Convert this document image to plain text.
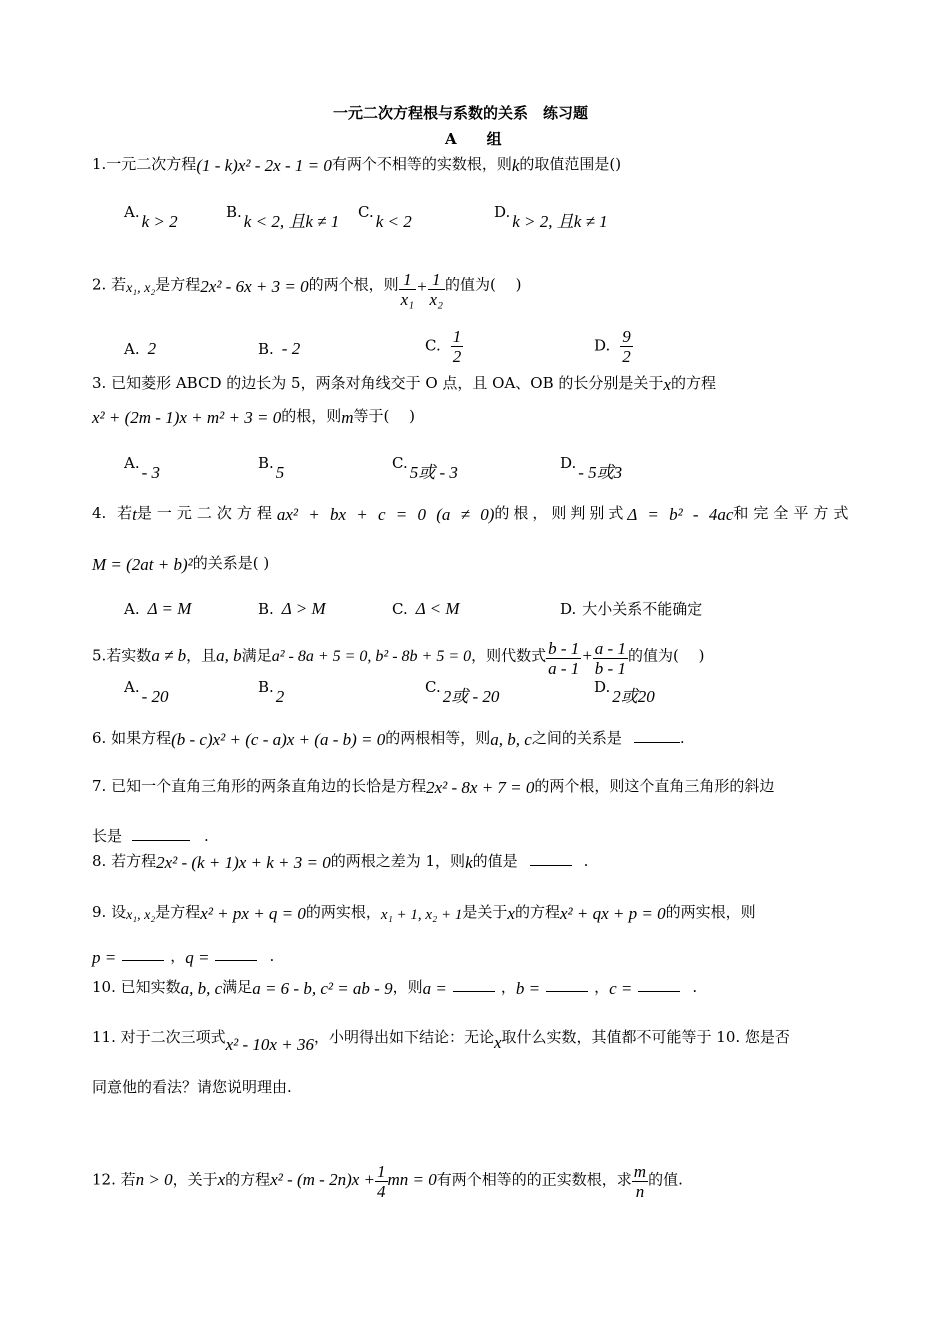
一元二次方程根与系数的关系　练习题
A　　组
1.一元二次方程(1 - k)x² - 2x - 1 = 0有两个不相等的实数根，则k的取值范围是()
A. k > 2	B. k < 2, 且k ≠ 1 C. k < 2	D. k > 2, 且k ≠ 1
2. 若x₁, x₂是方程2x² - 6x + 3 = 0的两个根，则 $\frac{1}{\text{x₁}} + \frac{1}{\text{x₂}}$ 的值为(　 )
A. 2	B. - 2	C. $\frac{1}{2}$	D. $\frac{9}{2}$
3. 已知菱形 ABCD 的边长为 5，两条对角线交于 O 点，且 OA、OB 的长分别是关于x的方程
x² + (2m - 1)x + m² + 3 = 0的根，则m等于(　 )
A. - 3	B. 5	C. 5或 - 3	D. - 5或3
4. 若t是一元二次方程ax² + bx + c = 0 (a ≠ 0)的根，则判别式Δ = b² - 4ac和完全平方式
M = (2at + b)²的关系是( )
A. Δ = M	B. Δ > M	C. Δ < M	D. 大小关系不能确定
5.若实数a ≠ b，且a, b满足a² - 8a + 5 = 0, b² - 8b + 5 = 0，则代数式 $\frac{b - 1}{a - 1} + \frac{a - 1}{b - 1}$ 的值为(　 )
A. - 20	B. 2	C. 2或 - 20	D. 2或20
6. 如果方程(b - c)x² + (c - a)x + (a - b) = 0的两根相等，则a, b, c之间的关系是	.
7. 已知一个直角三角形的两条直角边的长恰是方程2x² - 8x + 7 = 0的两个根，则这个直角三角形的斜边
长是	.
8. 若方程2x² - (k + 1)x + k + 3 = 0的两根之差为 1，则k的值是	.
9. 设x₁, x₂是方程x² + px + q = 0的两实根，x₁ + 1, x₂ + 1是关于x的方程x² + qx + p = 0的两实根，则
p =	，q =	.
10. 已知实数a, b, c满足a = 6 - b, c² = ab - 9，则a =	，b =	，c =	.
11. 对于二次三项式x² - 10x + 36，小明得出如下结论：无论x取什么实数，其值都不可能等于 10. 您是否
同意他的看法？请您说明理由.
12. 若n > 0，关于x的方程$x^2 - (m - 2n)x + \frac{1}{4}$ mn = 0有两个相等的的正实数根，求 $\frac{m}{n}$ 的值.
